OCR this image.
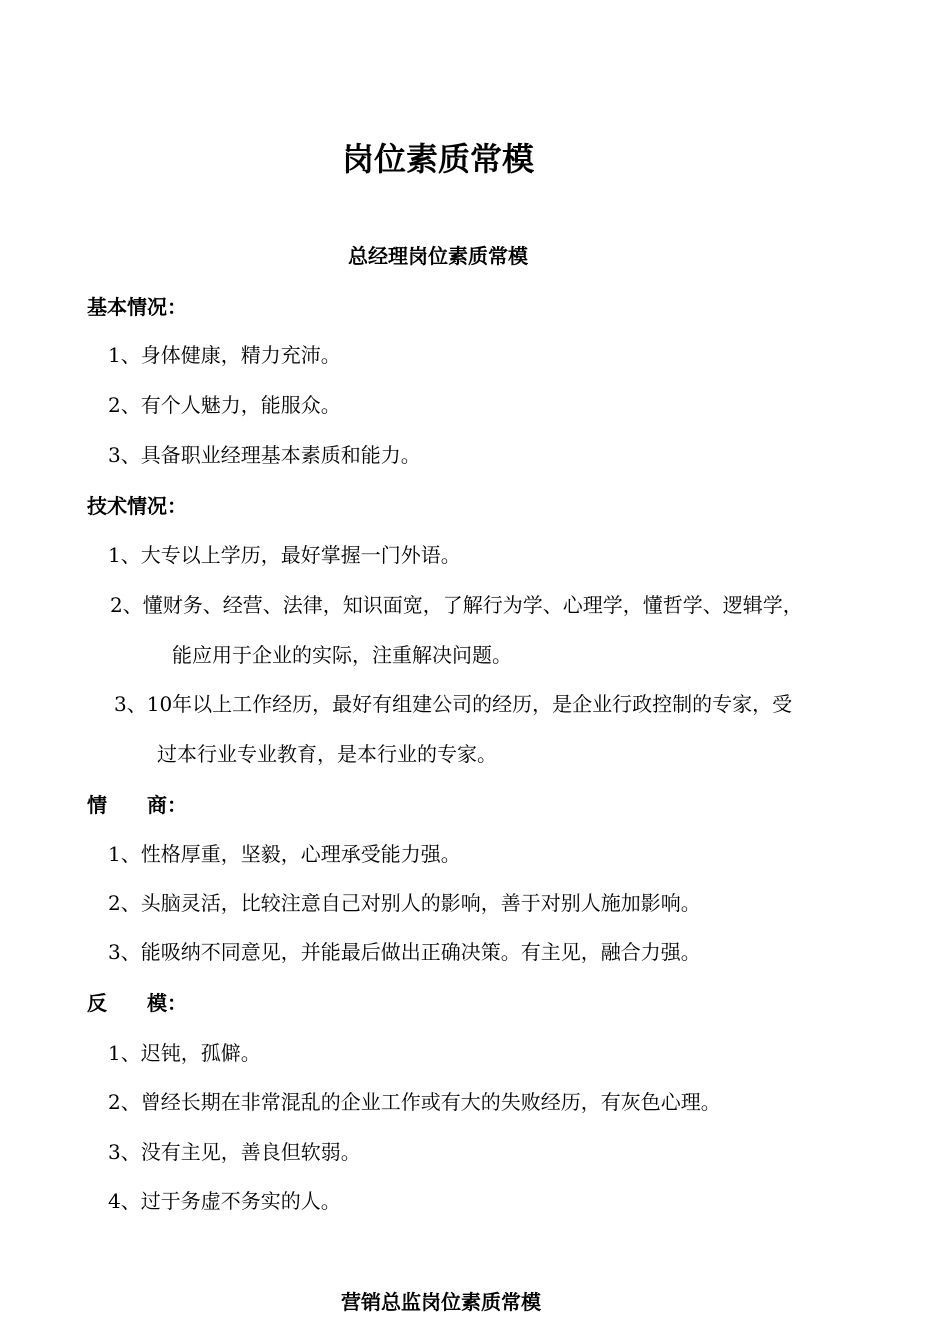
岗位素质常模
总经理岗位素质常模
基本情况：
1、身体健康，精力充沛。
2、有个人魅力，能服众。
3、具备职业经理基本素质和能力。
技术情况：
1、大专以上学历，最好掌握一门外语。
2、懂财务、经营、法律，知识面宽，了解行为学、心理学，懂哲学、逻辑学，
能应用于企业的实际，注重解决问题。
3、10年以上工作经历，最好有组建公司的经历，是企业行政控制的专家，受
过本行业专业教育，是本行业的专家。
情　　商：
1、性格厚重，坚毅，心理承受能力强。
2、头脑灵活，比较注意自己对别人的影响，善于对别人施加影响。
3、能吸纳不同意见，并能最后做出正确决策。有主见，融合力强。
反　　模：
1、迟钝，孤僻。
2、曾经长期在非常混乱的企业工作或有大的失败经历，有灰色心理。
3、没有主见，善良但软弱。
4、过于务虚不务实的人。
营销总监岗位素质常模
